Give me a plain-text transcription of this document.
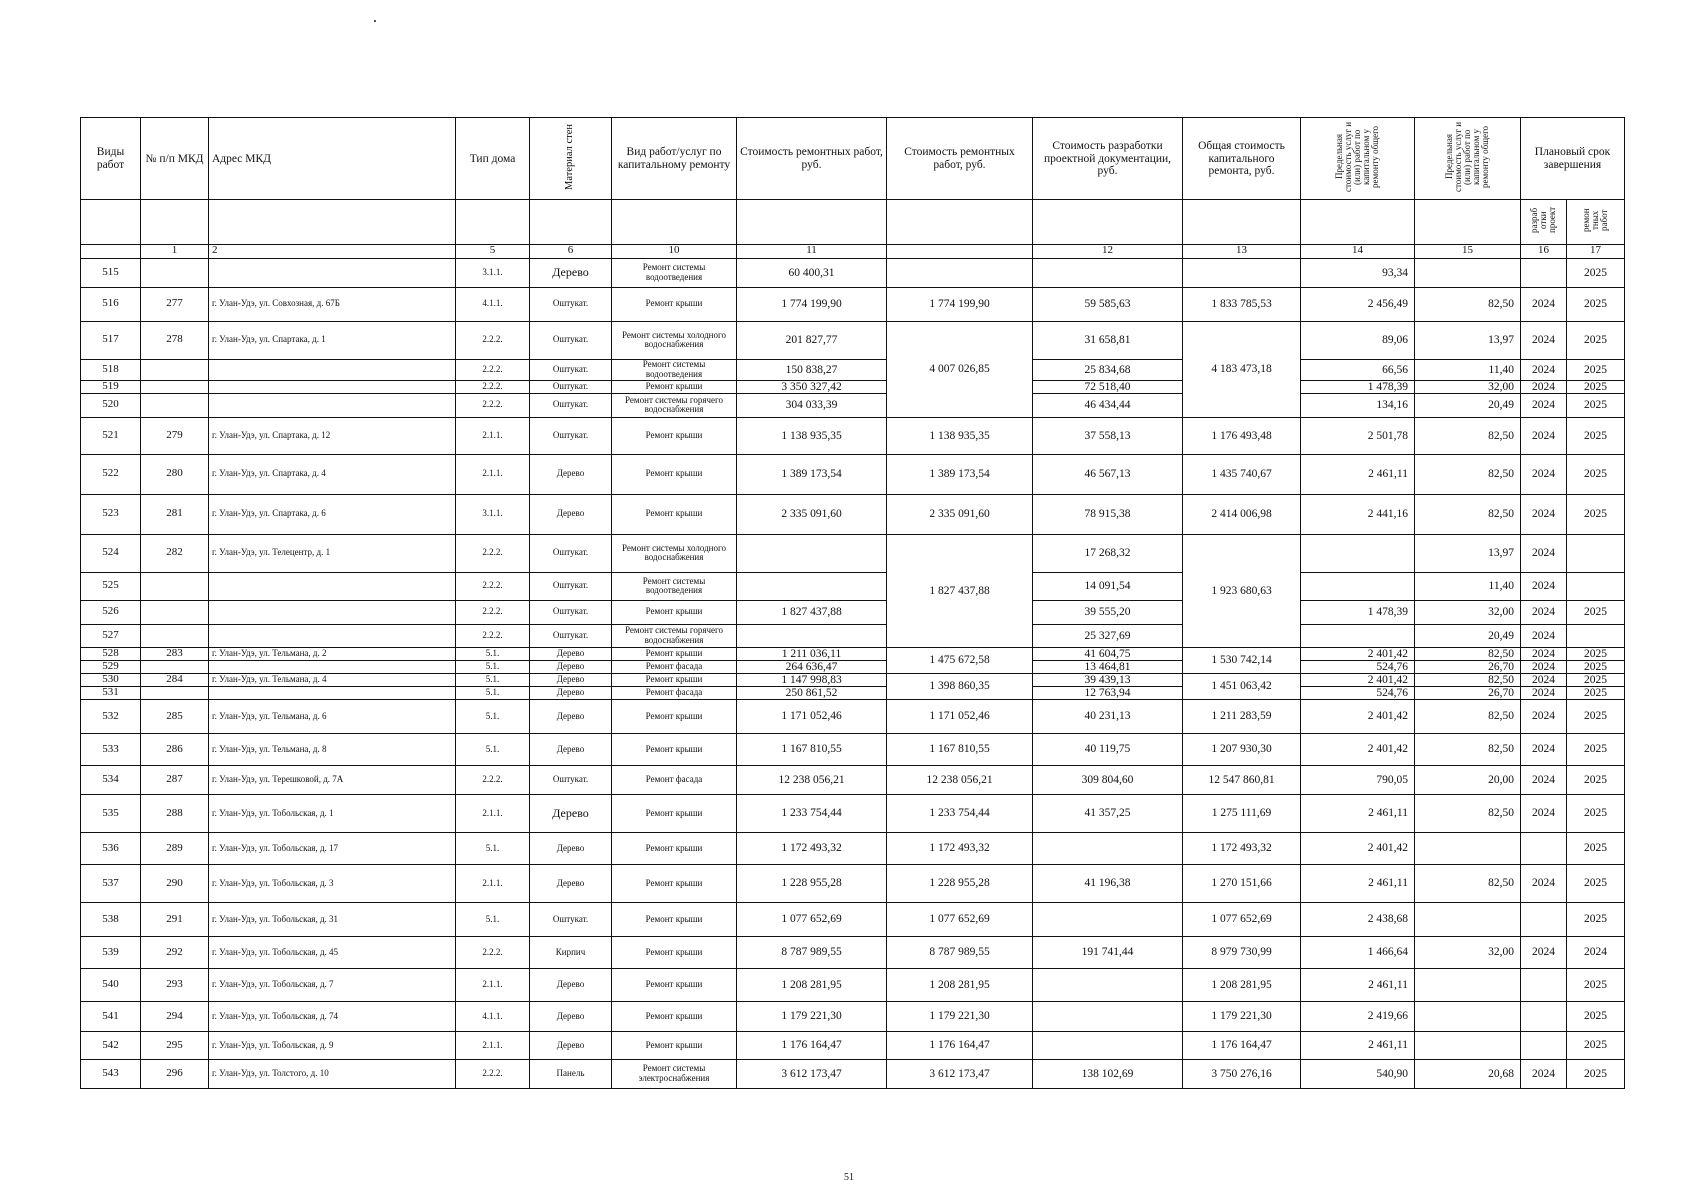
Виды работ	№ п/п МКД	Адрес МКД	Тип дома	Материал стен	Вид работ/услуг по капитальному ремонту	Стоимость ремонтных работ, руб.	Стоимость ремонтных работ, руб.	Стоимость разработки проектной документации, руб.	Общая стоимость капитального ремонта, руб.	Предельная стоимость услуг и (или) работ по капитальном у ремонту общего	Предельная стоимость услуг и (или) работ по капитальном у ремонту общего	Плановый срок завершения	
												разраб отки проект	ремон тных работ
	1	2	5	6	10	11		12	13	14	15	16	17
515			3.1.1.	Дерево	Ремонт системы водоотведения	60 400,31				93,34			2025
516	277	г. Улан-Удэ, ул. Совхозная, д. 67Б	4.1.1.	Оштукат.	Ремонт крыши	1 774 199,90	1 774 199,90	59 585,63	1 833 785,53	2 456,49	82,50	2024	2025
517	278	г. Улан-Удэ, ул. Спартака, д. 1	2.2.2.	Оштукат.	Ремонт системы холодного водоснабжения	201 827,77	4 007 026,85	31 658,81	4 183 473,18	89,06	13,97	2024	2025
518			2.2.2.	Оштукат.	Ремонт системы водоотведения	150 838,27		25 834,68		66,56	11,40	2024	2025
519			2.2.2.	Оштукат.	Ремонт крыши	3 350 327,42		72 518,40		1 478,39	32,00	2024	2025
520			2.2.2.	Оштукат.	Ремонт системы горячего водоснабжения	304 033,39		46 434,44		134,16	20,49	2024	2025
521	279	г. Улан-Удэ, ул. Спартака, д. 12	2.1.1.	Оштукат.	Ремонт крыши	1 138 935,35	1 138 935,35	37 558,13	1 176 493,48	2 501,78	82,50	2024	2025
522	280	г. Улан-Удэ, ул. Спартака, д. 4	2.1.1.	Дерево	Ремонт крыши	1 389 173,54	1 389 173,54	46 567,13	1 435 740,67	2 461,11	82,50	2024	2025
523	281	г. Улан-Удэ, ул. Спартака, д. 6	3.1.1.	Дерево	Ремонт крыши	2 335 091,60	2 335 091,60	78 915,38	2 414 006,98	2 441,16	82,50	2024	2025
524	282	г. Улан-Удэ, ул. Телецентр, д. 1	2.2.2.	Оштукат.	Ремонт системы холодного водоснабжения		1 827 437,88	17 268,32	1 923 680,63		13,97	2024	
525			2.2.2.	Оштукат.	Ремонт системы водоотведения			14 091,54			11,40	2024	
526			2.2.2.	Оштукат.	Ремонт крыши	1 827 437,88		39 555,20		1 478,39	32,00	2024	2025
527			2.2.2.	Оштукат.	Ремонт системы горячего водоснабжения			25 327,69			20,49	2024	
528	283	г. Улан-Удэ, ул. Тельмана, д. 2	5.1.	Дерево	Ремонт крыши	1 211 036,11	1 475 672,58	41 604,75	1 530 742,14	2 401,42	82,50	2024	2025
529			5.1.	Дерево	Ремонт фасада	264 636,47		13 464,81		524,76	26,70	2024	2025
530	284	г. Улан-Удэ, ул. Тельмана, д. 4	5.1.	Дерево	Ремонт крыши	1 147 998,83	1 398 860,35	39 439,13	1 451 063,42	2 401,42	82,50	2024	2025
531			5.1.	Дерево	Ремонт фасада	250 861,52		12 763,94		524,76	26,70	2024	2025
532	285	г. Улан-Удэ, ул. Тельмана, д. 6	5.1.	Дерево	Ремонт крыши	1 171 052,46	1 171 052,46	40 231,13	1 211 283,59	2 401,42	82,50	2024	2025
533	286	г. Улан-Удэ, ул. Тельмана, д. 8	5.1.	Дерево	Ремонт крыши	1 167 810,55	1 167 810,55	40 119,75	1 207 930,30	2 401,42	82,50	2024	2025
534	287	г. Улан-Удэ, ул. Терешковой, д. 7А	2.2.2.	Оштукат.	Ремонт фасада	12 238 056,21	12 238 056,21	309 804,60	12 547 860,81	790,05	20,00	2024	2025
535	288	г. Улан-Удэ, ул. Тобольская, д. 1	2.1.1.	Дерево	Ремонт крыши	1 233 754,44	1 233 754,44	41 357,25	1 275 111,69	2 461,11	82,50	2024	2025
536	289	г. Улан-Удэ, ул. Тобольская, д. 17	5.1.	Дерево	Ремонт крыши	1 172 493,32	1 172 493,32		1 172 493,32	2 401,42			2025
537	290	г. Улан-Удэ, ул. Тобольская, д. 3	2.1.1.	Дерево	Ремонт крыши	1 228 955,28	1 228 955,28	41 196,38	1 270 151,66	2 461,11	82,50	2024	2025
538	291	г. Улан-Удэ, ул. Тобольская, д. 31	5.1.	Оштукат.	Ремонт крыши	1 077 652,69	1 077 652,69		1 077 652,69	2 438,68			2025
539	292	г. Улан-Удэ, ул. Тобольская, д. 45	2.2.2.	Кирпич	Ремонт крыши	8 787 989,55	8 787 989,55	191 741,44	8 979 730,99	1 466,64	32,00	2024	2024
540	293	г. Улан-Удэ, ул. Тобольская, д. 7	2.1.1.	Дерево	Ремонт крыши	1 208 281,95	1 208 281,95		1 208 281,95	2 461,11			2025
541	294	г. Улан-Удэ, ул. Тобольская, д. 74	4.1.1.	Дерево	Ремонт крыши	1 179 221,30	1 179 221,30		1 179 221,30	2 419,66			2025
542	295	г. Улан-Удэ, ул. Тобольская, д. 9	2.1.1.	Дерево	Ремонт крыши	1 176 164,47	1 176 164,47		1 176 164,47	2 461,11			2025
543	296	г. Улан-Удэ, ул. Толстого, д. 10	2.2.2.	Панель	Ремонт системы электроснабжения	3 612 173,47	3 612 173,47	138 102,69	3 750 276,16	540,90	20,68	2024	2025
51
